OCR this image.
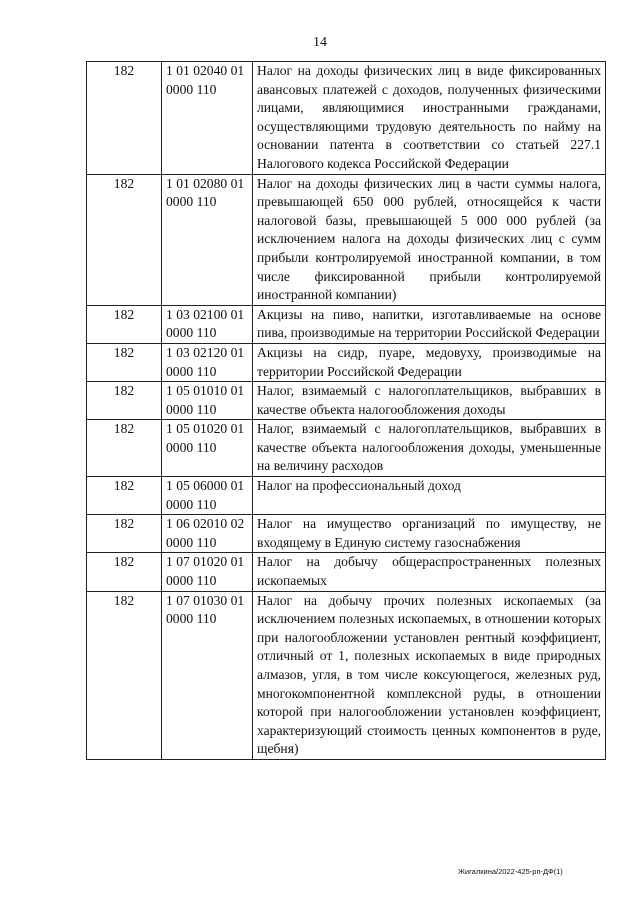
14
182	1 01 02040 01 0000 110	Налог на доходы физических лиц в виде фиксированных авансовых платежей с доходов, полученных физическими лицами, являющимися иностранными гражданами, осуществляющими трудовую деятельность по найму на основании патента в соответствии со статьей 227.1 Налогового кодекса Российской Федерации
182	1 01 02080 01 0000 110	Налог на доходы физических лиц в части суммы налога, превышающей 650 000 рублей, относящейся к части налоговой базы, превышающей 5 000 000 рублей (за исключением налога на доходы физических лиц с сумм прибыли контролируемой иностранной компании, в том числе фиксированной прибыли контролируемой иностранной компании)
182	1 03 02100 01 0000 110	Акцизы на пиво, напитки, изготавливаемые на основе пива, производимые на территории Российской Федерации
182	1 03 02120 01 0000 110	Акцизы на сидр, пуаре, медовуху, производимые на территории Российской Федерации
182	1 05 01010 01 0000 110	Налог, взимаемый с налогоплательщиков, выбравших в качестве объекта налогообложения доходы
182	1 05 01020 01 0000 110	Налог, взимаемый с налогоплательщиков, выбравших в качестве объекта налогообложения доходы, уменьшенные на величину расходов
182	1 05 06000 01 0000 110	Налог на профессиональный доход
182	1 06 02010 02 0000 110	Налог на имущество организаций по имуществу, не входящему в Единую систему газоснабжения
182	1 07 01020 01 0000 110	Налог на добычу общераспространенных полезных ископаемых
182	1 07 01030 01 0000 110	Налог на добычу прочих полезных ископаемых (за исключением полезных ископаемых, в отношении которых при налогообложении установлен рентный коэффициент, отличный от 1, полезных ископаемых в виде природных алмазов, угля, в том числе коксующегося, железных руд, многокомпонентной комплексной руды, в отношении которой при налогообложении установлен коэффициент, характеризующий стоимость ценных компонентов в руде, щебня)
Жигалкина/2022-425-рп-ДФ(1)
